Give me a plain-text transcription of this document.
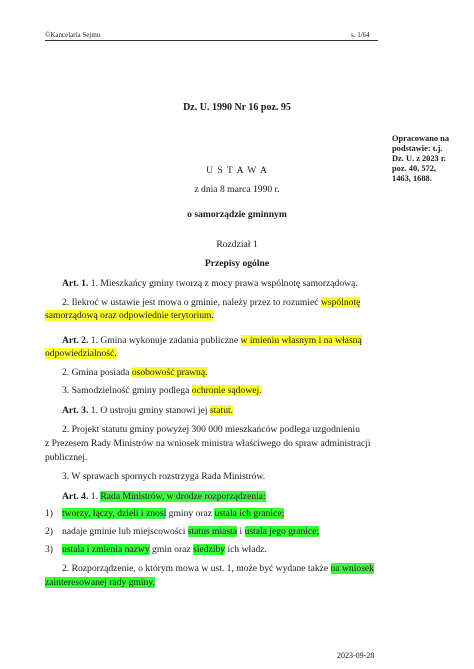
©Kancelaria Sejmu	s. 1/64
Dz. U. 1990 Nr 16 poz. 95
U S T A W A
z dnia 8 marca 1990 r.
o samorządzie gminnym
Rozdział 1
Przepisy ogólne
Opracowano na
podstawie: t.j.
Dz. U. z 2023 r.
poz. 40, 572,
1463, 1688.
Art. 1. 1. Mieszkańcy gminy tworzą z mocy prawa wspólnotę samorządową.
2. Ilekroć w ustawie jest mowa o gminie, należy przez to rozumieć wspólnotę
samorządową oraz odpowiednie terytorium.
Art. 2. 1. Gmina wykonuje zadania publiczne w imieniu własnym i na własną
odpowiedzialność.
2. Gmina posiada osobowość prawną.
3. Samodzielność gminy podlega ochronie sądowej.
Art. 3. 1. O ustroju gminy stanowi jej statut.
2. Projekt statutu gminy powyżej 300 000 mieszkańców podlega uzgodnieniu
z Prezesem Rady Ministrów na wniosek ministra właściwego do spraw administracji
publicznej.
3. W sprawach spornych rozstrzyga Rada Ministrów.
Art. 4. 1. Rada Ministrów, w drodze rozporządzenia:
1) tworzy, łączy, dzieli i znosi gminy oraz ustala ich granice;
2) nadaje gminie lub miejscowości status miasta i ustala jego granice;
3) ustala i zmienia nazwy gmin oraz siedziby ich władz.
2. Rozporządzenie, o którym mowa w ust. 1, może być wydane także na wniosek
zainteresowanej rady gminy.
2023-09-28
